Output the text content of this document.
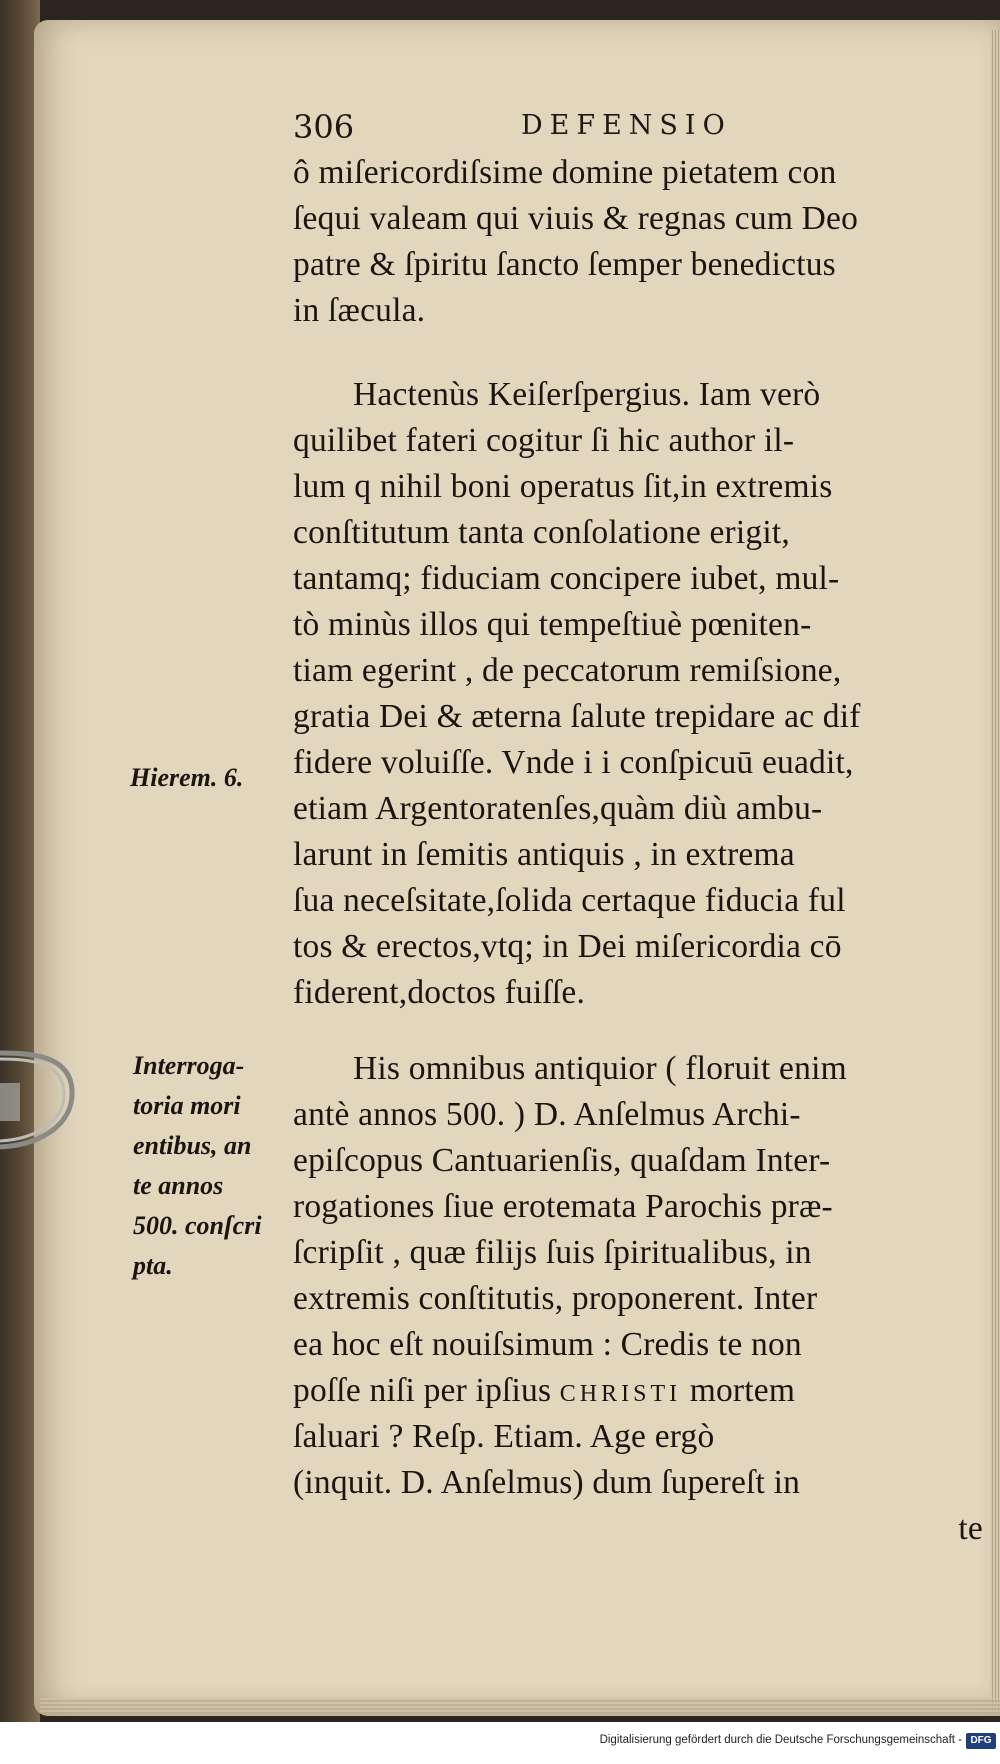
306	DEFENSIO
ô miſericordiſsime domine pietatem con
ſequi valeam qui viuis & regnas cum Deo
patre & ſpiritu ſancto ſemper benedictus
in ſæcula.
Hactenùs Keiſerſpergius. Iam verò
quilibet fateri cogitur ſi hic author il-
lum q nihil boni operatus ſit,in extremis
conſtitutum tanta conſolatione erigit,
tantamq; fiduciam concipere iubet, mul-
tò minùs illos qui tempeſtiuè pœniten-
tiam egerint , de peccatorum remiſsione,
gratia Dei & æterna ſalute trepidare ac dif
fidere voluiſſe. Vnde i i conſpicuū euadit,
etiam Argentoratenſes,quàm diù ambu-
larunt in ſemitis antiquis , in extrema
ſua neceſsitate,ſolida certaque fiducia ful
tos & erectos,vtq; in Dei miſericordia cō
fiderent,doctos fuiſſe.
His omnibus antiquior ( floruit enim
antè annos 500. ) D. Anſelmus Archi-
epiſcopus Cantuarienſis, quaſdam Inter-
rogationes ſiue erotemata Parochis præ-
ſcripſit , quæ filijs ſuis ſpiritualibus, in
extremis conſtitutis, proponerent. Inter
ea hoc eſt nouiſsimum : Credis te non
poſſe niſi per ipſius CHRISTI mortem
ſaluari ? Reſp. Etiam. Age ergò
(inquit. D. Anſelmus) dum ſupereſt in
te
Hierem. 6.
Interroga-
toria mori
entibus, an
te annos
500. conſcri
pta.
Digitalisierung gefördert durch die Deutsche Forschungsgemeinschaft - DFG
